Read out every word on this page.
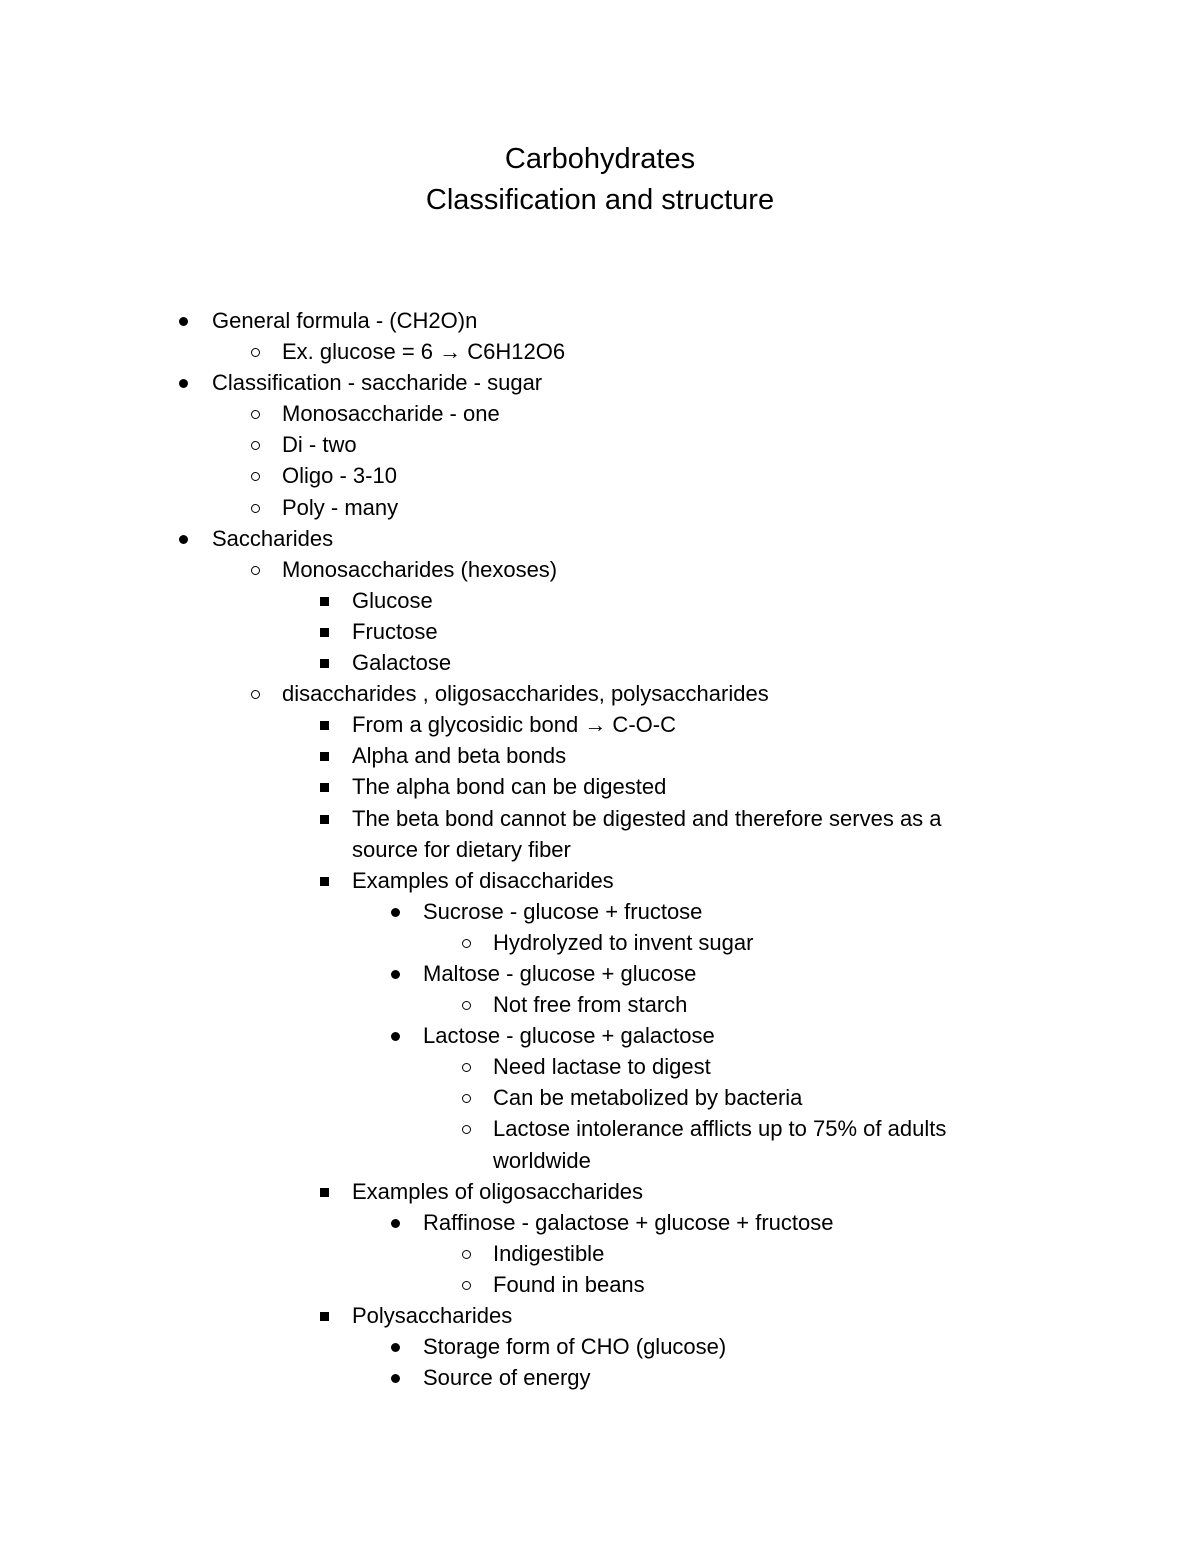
Carbohydrates
Classification and structure
General formula - (CH2O)n
Ex. glucose = 6 → C6H12O6
Classification - saccharide - sugar
Monosaccharide - one
Di - two
Oligo - 3-10
Poly - many
Saccharides
Monosaccharides (hexoses)
Glucose
Fructose
Galactose
disaccharides , oligosaccharides, polysaccharides
From a glycosidic bond → C-O-C
Alpha and beta bonds
The alpha bond can be digested
The beta bond cannot be digested and therefore serves as a source for dietary fiber
Examples of disaccharides
Sucrose - glucose + fructose
Hydrolyzed to invent sugar
Maltose - glucose + glucose
Not free from starch
Lactose - glucose + galactose
Need lactase to digest
Can be metabolized by bacteria
Lactose intolerance afflicts up to 75% of adults worldwide
Examples of oligosaccharides
Raffinose - galactose + glucose + fructose
Indigestible
Found in beans
Polysaccharides
Storage form of CHO (glucose)
Source of energy
